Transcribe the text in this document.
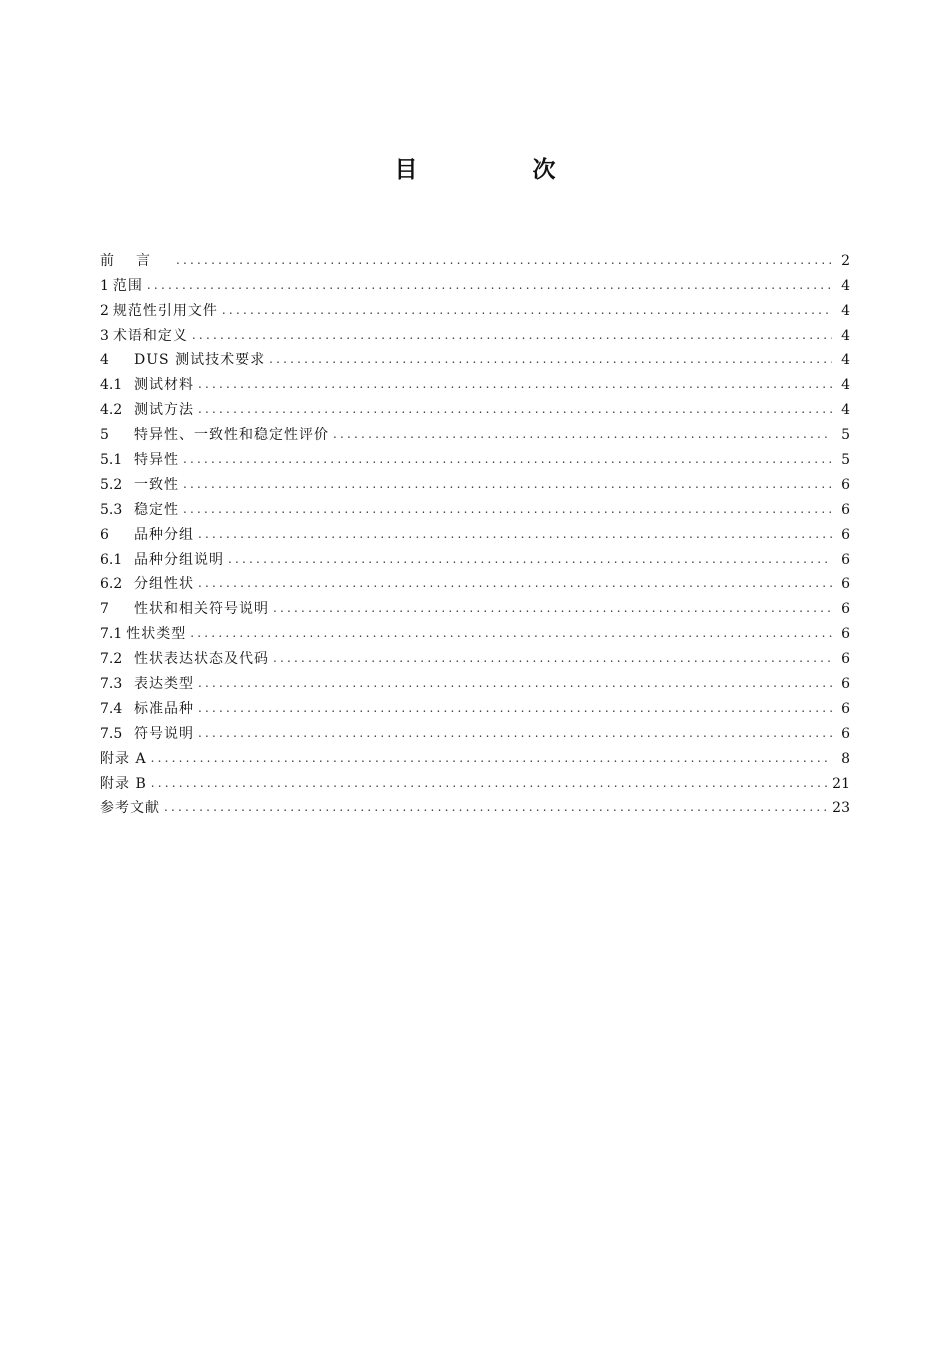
目　次
前言 .....	2
1 范围 .....	4
2 规范性引用文件 .....	4
3 术语和定义 .....	4
4	DUS 测试技术要求 .....	4
4.1 测试材料 .....	4
4.2 测试方法 .....	4
5	特异性、一致性和稳定性评价 .....	5
5.1 特异性 .....	5
5.2 一致性 .....	6
5.3 稳定性 .....	6
6	品种分组 .....	6
6.1 品种分组说明 .....	6
6.2 分组性状 .....	6
7	性状和相关符号说明 .....	6
7.1 性状类型 .....	6
7.2 性状表达状态及代码 .....	6
7.3 表达类型 .....	6
7.4 标准品种 .....	6
7.5 符号说明 .....	6
附录 A .....	8
附录 B .....	21
参考文献 .....	23
